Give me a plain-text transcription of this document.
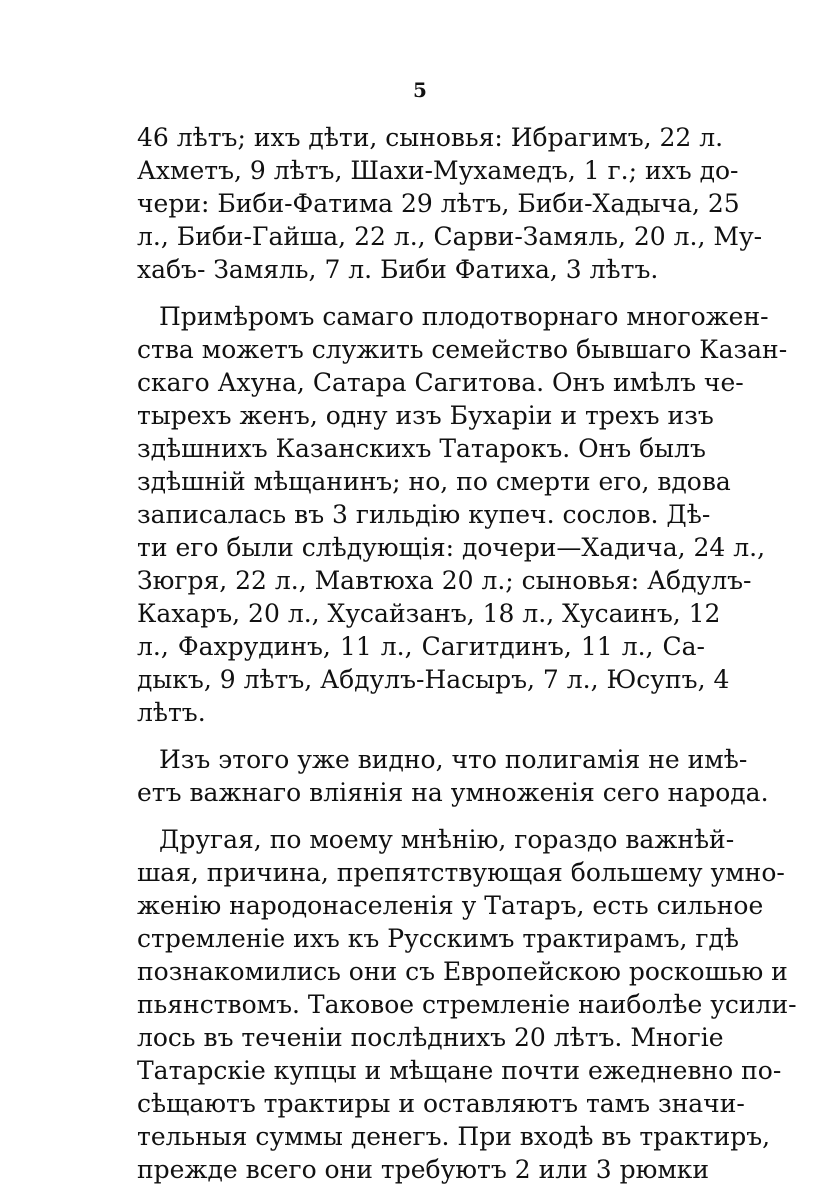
5
46 лѣтъ; ихъ дѣти, сыновья: Ибрагимъ, 22 л.
Ахметъ, 9 лѣтъ, Шахи-Мухамедъ, 1 г.; ихъ до-
чери: Биби-Фатима 29 лѣтъ, Биби-Хадыча, 25
л., Биби-Гайша, 22 л., Сарви-Замяль, 20 л., Му-
хабъ- Замяль, 7 л. Биби Фатиха, 3 лѣтъ.
Примѣромъ самаго плодотворнаго многожен-
ства можетъ служить семейство бывшаго Казан-
скаго Ахуна, Сатара Сагитова. Онъ имѣлъ че-
тырехъ женъ, одну изъ Бухаріи и трехъ изъ
здѣшнихъ Казанскихъ Татарокъ. Онъ былъ
здѣшній мѣщанинъ; но, по смерти его, вдова
записалась въ 3 гильдію купеч. сослов. Дѣ-
ти его были слѣдующія: дочери—Хадича, 24 л.,
Зюгря, 22 л., Мавтюха 20 л.; сыновья: Абдулъ-
Кахаръ, 20 л., Хусайзанъ, 18 л., Хусаинъ, 12
л., Фахрудинъ, 11 л., Сагитдинъ, 11 л., Са-
дыкъ, 9 лѣтъ, Абдулъ-Насыръ, 7 л., Юсупъ, 4
лѣтъ.
Изъ этого уже видно, что полигамія не имѣ-
етъ важнаго вліянія на умноженія сего народа.
Другая, по моему мнѣнію, гораздо важнѣй-
шая, причина, препятствующая большему умно-
женію народонаселенія у Татаръ, есть сильное
стремленіе ихъ къ Русскимъ трактирамъ, гдѣ
познакомились они съ Европейскою роскошью и
пьянствомъ. Таковое стремленіе наиболѣе усили-
лось въ теченіи послѣднихъ 20 лѣтъ. Многіе
Татарскіе купцы и мѣщане почти ежедневно по-
сѣщаютъ трактиры и оставляютъ тамъ значи-
тельныя суммы денегъ. При входѣ въ трактиръ,
прежде всего они требуютъ 2 или 3 рюмки
